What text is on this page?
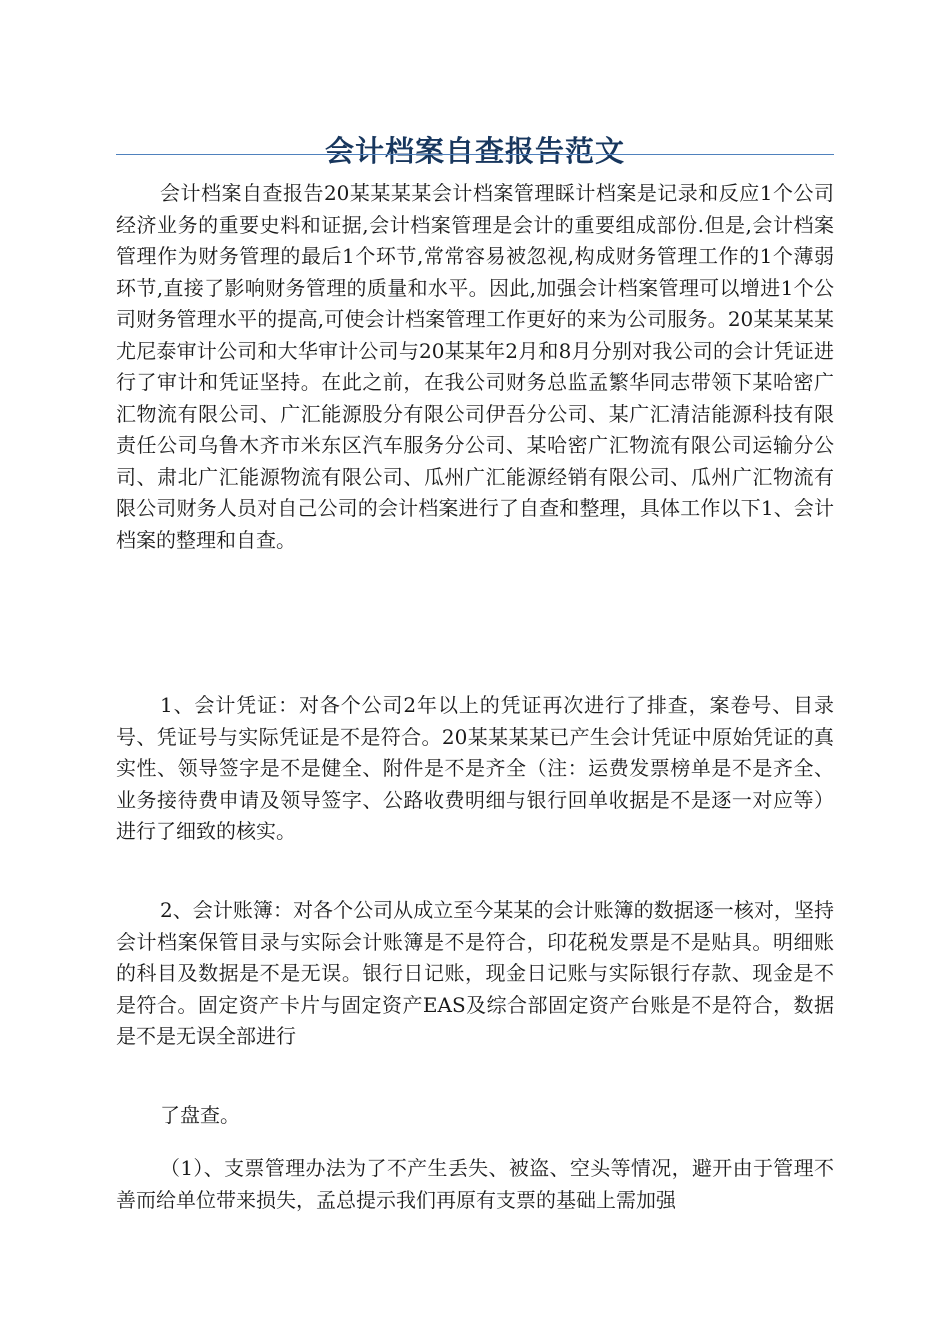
会计档案自查报告范文

会计档案自查报告20某某某某会计档案管理睬计档案是记录和反应1个公司经济业务的重要史料和证据,会计档案管理是会计的重要组成部份.但是,会计档案管理作为财务管理的最后1个环节,常常容易被忽视,构成财务管理工作的1个薄弱环节,直接了影响财务管理的质量和水平。因此,加强会计档案管理可以增进1个公司财务管理水平的提高,可使会计档案管理工作更好的来为公司服务。20某某某某尤尼泰审计公司和大华审计公司与20某某年2月和8月分别对我公司的会计凭证进行了审计和凭证坚持。在此之前，在我公司财务总监孟繁华同志带领下某哈密广汇物流有限公司、广汇能源股分有限公司伊吾分公司、某广汇清洁能源科技有限责任公司乌鲁木齐市米东区汽车服务分公司、某哈密广汇物流有限公司运输分公司、肃北广汇能源物流有限公司、瓜州广汇能源经销有限公司、瓜州广汇物流有限公司财务人员对自己公司的会计档案进行了自查和整理，具体工作以下1、会计档案的整理和自查。

1、会计凭证：对各个公司2年以上的凭证再次进行了排查，案卷号、目录号、凭证号与实际凭证是不是符合。20某某某某已产生会计凭证中原始凭证的真实性、领导签字是不是健全、附件是不是齐全（注：运费发票榜单是不是齐全、业务接待费申请及领导签字、公路收费明细与银行回单收据是不是逐一对应等）进行了细致的核实。

2、会计账簿：对各个公司从成立至今某某的会计账簿的数据逐一核对，坚持会计档案保管目录与实际会计账簿是不是符合，印花税发票是不是贴具。明细账的科目及数据是不是无误。银行日记账，现金日记账与实际银行存款、现金是不是符合。固定资产卡片与固定资产EAS及综合部固定资产台账是不是符合，数据是不是无误全部进行

了盘查。

（1）、支票管理办法为了不产生丢失、被盗、空头等情况，避开由于管理不善而给单位带来损失，孟总提示我们再原有支票的基础上需加强
